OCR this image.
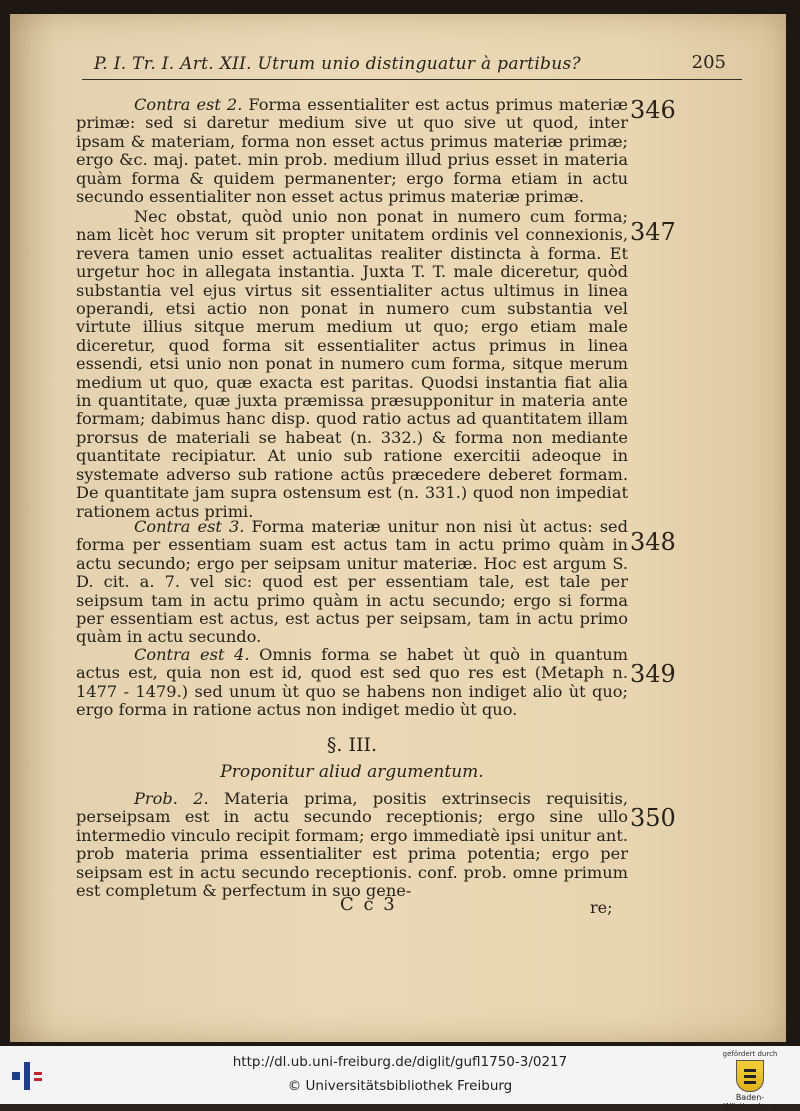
P. I. Tr. I. Art. XII. Utrum unio distinguatur à partibus?	205
Contra est 2. Forma essentialiter est actus primus materiæ primæ: sed si daretur medium sive ut quo sive ut quod, inter ipsam & materiam, forma non esset actus primus materiæ primæ; ergo &c. maj. patet. min prob. medium illud prius esset in materia quàm forma & quidem permanenter; ergo forma etiam in actu secundo essentialiter non esset actus primus materiæ primæ.
Nec obstat, quòd unio non ponat in numero cum forma; nam licèt hoc verum sit propter unitatem ordinis vel connexionis, revera tamen unio esset actualitas realiter distincta à forma. Et urgetur hoc in allegata instantia. Juxta T. T. male diceretur, quòd substantia vel ejus virtus sit essentialiter actus ultimus in linea operandi, etsi actio non ponat in numero cum substantia vel virtute illius sitque merum medium ut quo; ergo etiam male diceretur, quod forma sit essentialiter actus primus in linea essendi, etsi unio non ponat in numero cum forma, sitque merum medium ut quo, quæ exacta est paritas. Quodsi instantia fiat alia in quantitate, quæ juxta præmissa præsupponitur in materia ante formam; dabimus hanc disp. quod ratio actus ad quantitatem illam prorsus de materiali se habeat (n. 332.) & forma non mediante quantitate recipiatur. At unio sub ratione exercitii adeoque in systemate adverso sub ratione actûs præcedere deberet formam. De quantitate jam supra ostensum est (n. 331.) quod non impediat rationem actus primi.
Contra est 3. Forma materiæ unitur non nisi ùt actus: sed forma per essentiam suam est actus tam in actu primo quàm in actu secundo; ergo per seipsam unitur materiæ. Hoc est argum S. D. cit. a. 7. vel sic: quod est per essentiam tale, est tale per seipsum tam in actu primo quàm in actu secundo; ergo si forma per essentiam est actus, est actus per seipsam, tam in actu primo quàm in actu secundo.
Contra est 4. Omnis forma se habet ùt quò in quantum actus est, quia non est id, quod est sed quo res est (Metaph n. 1477 - 1479.) sed unum ùt quo se habens non indiget alio ùt quo; ergo forma in ratione actus non indiget medio ùt quo.
§. III.
Proponitur aliud argumentum.
Prob. 2. Materia prima, positis extrinsecis requisitis, perseipsam est in actu secundo receptionis; ergo sine ullo intermedio vinculo recipit formam; ergo immediatè ipsi unitur ant. prob materia prima essentialiter est prima potentia; ergo per seipsam est in actu secundo receptionis. conf. prob. omne primum est completum & perfectum in suo gene-
346
347
348
349
350
C c 3	re;
http://dl.ub.uni-freiburg.de/diglit/gufl1750-3/0217
© Universitätsbibliothek Freiburg
gefördert durch
Baden-Württemberg
